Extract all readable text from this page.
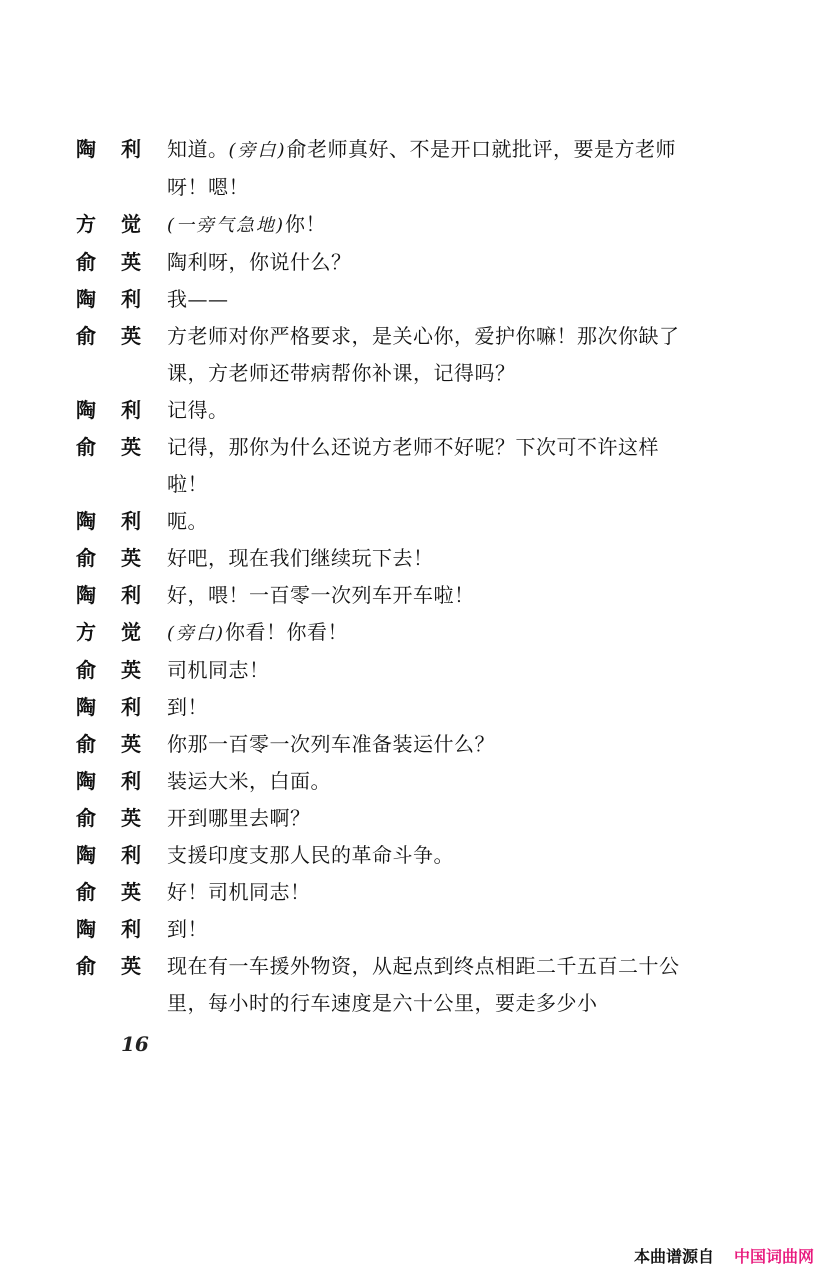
陶	利 知道。(旁白)俞老师真好、不是开口就批评，要是方老师呀！嗯！
方	觉 (一旁气急地)你！
俞	英 陶利呀，你说什么？
陶	利 我——
俞	英 方老师对你严格要求，是关心你，爱护你嘛！那次你缺了课，方老师还带病帮你补课，记得吗？
陶	利 记得。
俞	英 记得，那你为什么还说方老师不好呢？下次可不许这样啦！
陶	利 呃。
俞	英 好吧，现在我们继续玩下去！
陶	利 好，喂！一百零一次列车开车啦！
方	觉 (旁白)你看！你看！
俞	英 司机同志！
陶	利 到！
俞	英 你那一百零一次列车准备装运什么？
陶	利 装运大米，白面。
俞	英 开到哪里去啊？
陶	利 支援印度支那人民的革命斗争。
俞	英 好！司机同志！
陶	利 到！
俞	英 现在有一车援外物资，从起点到终点相距二千五百二十公里，每小时的行车速度是六十公里，要走多少小
16
本曲谱源自 中国词曲网
